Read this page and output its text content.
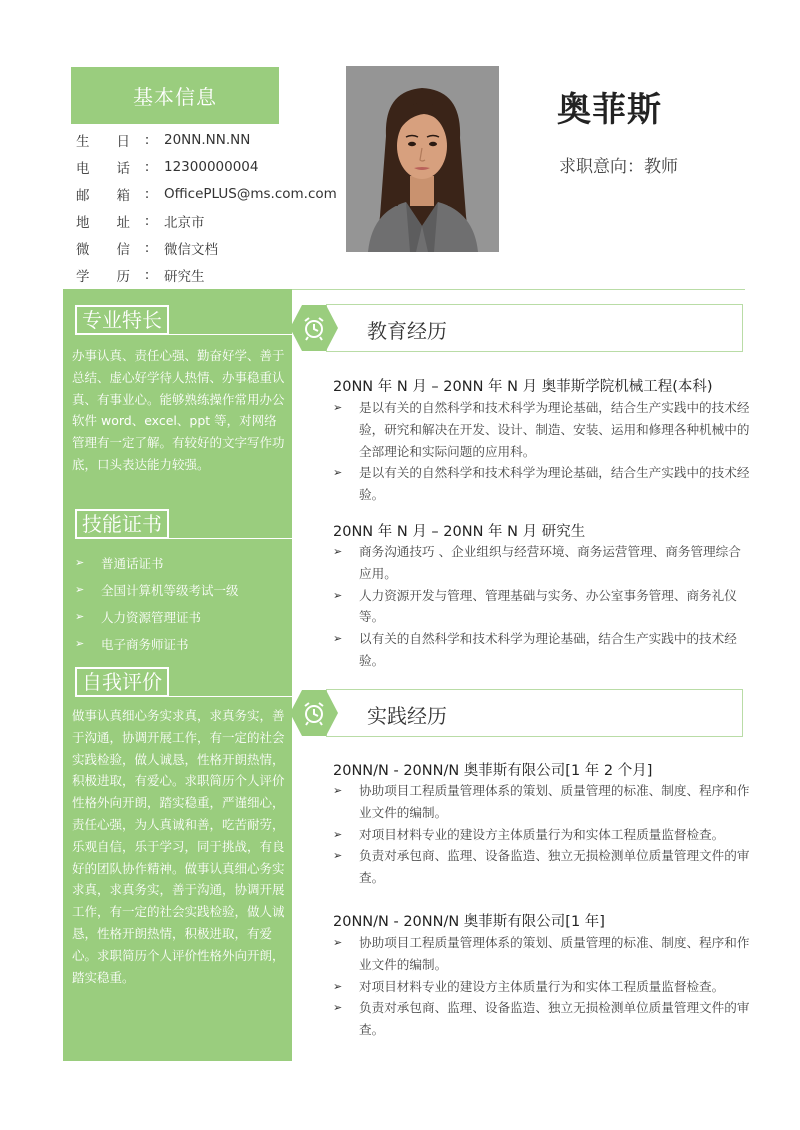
基本信息
生 日	:	20NN.NN.NN
电 话	:	12300000004
邮 箱	:	OfficePLUS@ms.com.com
地 址	:	北京市
微 信	:	微信文档
学 历	:	研究生
奥菲斯
求职意向：教师
专业特长
办事认真、责任心强、勤奋好学、善于总结、虚心好学待人热情、办事稳重认真、有事业心。能够熟练操作常用办公软件 word、excel、ppt 等，对网络管理有一定了解。有较好的文字写作功底，口头表达能力较强。
技能证书
➢	普通话证书
➢	全国计算机等级考试一级
➢	人力资源管理证书
➢	电子商务师证书
自我评价
做事认真细心务实求真，求真务实，善于沟通，协调开展工作，有一定的社会实践检验，做人诚恳，性格开朗热情，积极进取，有爱心。求职简历个人评价性格外向开朗，踏实稳重，严谨细心，责任心强，为人真诚和善，吃苦耐劳，乐观自信，乐于学习，同于挑战，有良好的团队协作精神。做事认真细心务实求真，求真务实，善于沟通，协调开展工作，有一定的社会实践检验，做人诚恳，性格开朗热情，积极进取，有爱心。求职简历个人评价性格外向开朗，踏实稳重。
教育经历
20NN 年 N 月 – 20NN 年 N 月 奥菲斯学院机械工程(本科)
➢ 是以有关的自然科学和技术科学为理论基础，结合生产实践中的技术经验，研究和解决在开发、设计、制造、安装、运用和修理各种机械中的全部理论和实际问题的应用科。
➢ 是以有关的自然科学和技术科学为理论基础，结合生产实践中的技术经验。
20NN 年 N 月 – 20NN 年 N 月 研究生
➢ 商务沟通技巧 、企业组织与经营环境、商务运营管理、商务管理综合应用。
➢ 人力资源开发与管理、管理基础与实务、办公室事务管理、商务礼仪等。
➢ 以有关的自然科学和技术科学为理论基础，结合生产实践中的技术经验。
实践经历
20NN/N - 20NN/N 奥菲斯有限公司[1 年 2 个月]
➢ 协助项目工程质量管理体系的策划、质量管理的标准、制度、程序和作业文件的编制。
➢ 对项目材料专业的建设方主体质量行为和实体工程质量监督检查。
➢ 负责对承包商、监理、设备监造、独立无损检测单位质量管理文件的审查。
20NN/N - 20NN/N 奥菲斯有限公司[1 年]
➢ 协助项目工程质量管理体系的策划、质量管理的标准、制度、程序和作业文件的编制。
➢ 对项目材料专业的建设方主体质量行为和实体工程质量监督检查。
➢ 负责对承包商、监理、设备监造、独立无损检测单位质量管理文件的审查。
